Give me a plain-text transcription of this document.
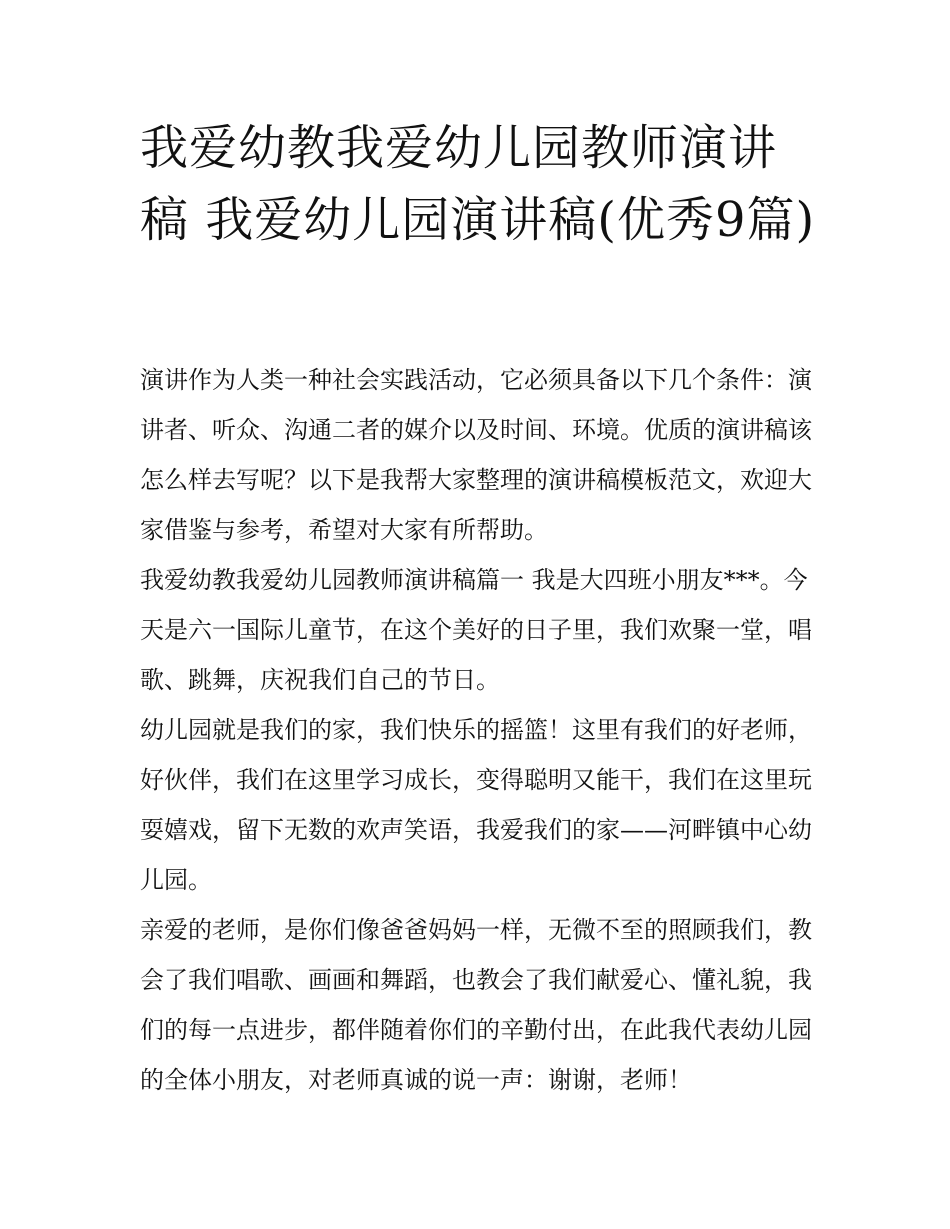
我爱幼教我爱幼儿园教师演讲稿 我爱幼儿园演讲稿(优秀9篇)

演讲作为人类一种社会实践活动，它必须具备以下几个条件：演讲者、听众、沟通二者的媒介以及时间、环境。优质的演讲稿该怎么样去写呢？以下是我帮大家整理的演讲稿模板范文，欢迎大家借鉴与参考，希望对大家有所帮助。

我爱幼教我爱幼儿园教师演讲稿篇一 我是大四班小朋友***。今天是六一国际儿童节，在这个美好的日子里，我们欢聚一堂，唱歌、跳舞，庆祝我们自己的节日。

幼儿园就是我们的家，我们快乐的摇篮！这里有我们的好老师，好伙伴，我们在这里学习成长，变得聪明又能干，我们在这里玩耍嬉戏，留下无数的欢声笑语，我爱我们的家——河畔镇中心幼儿园。

亲爱的老师，是你们像爸爸妈妈一样，无微不至的照顾我们，教会了我们唱歌、画画和舞蹈，也教会了我们献爱心、懂礼貌，我们的每一点进步，都伴随着你们的辛勤付出，在此我代表幼儿园的全体小朋友，对老师真诚的说一声：谢谢，老师！
